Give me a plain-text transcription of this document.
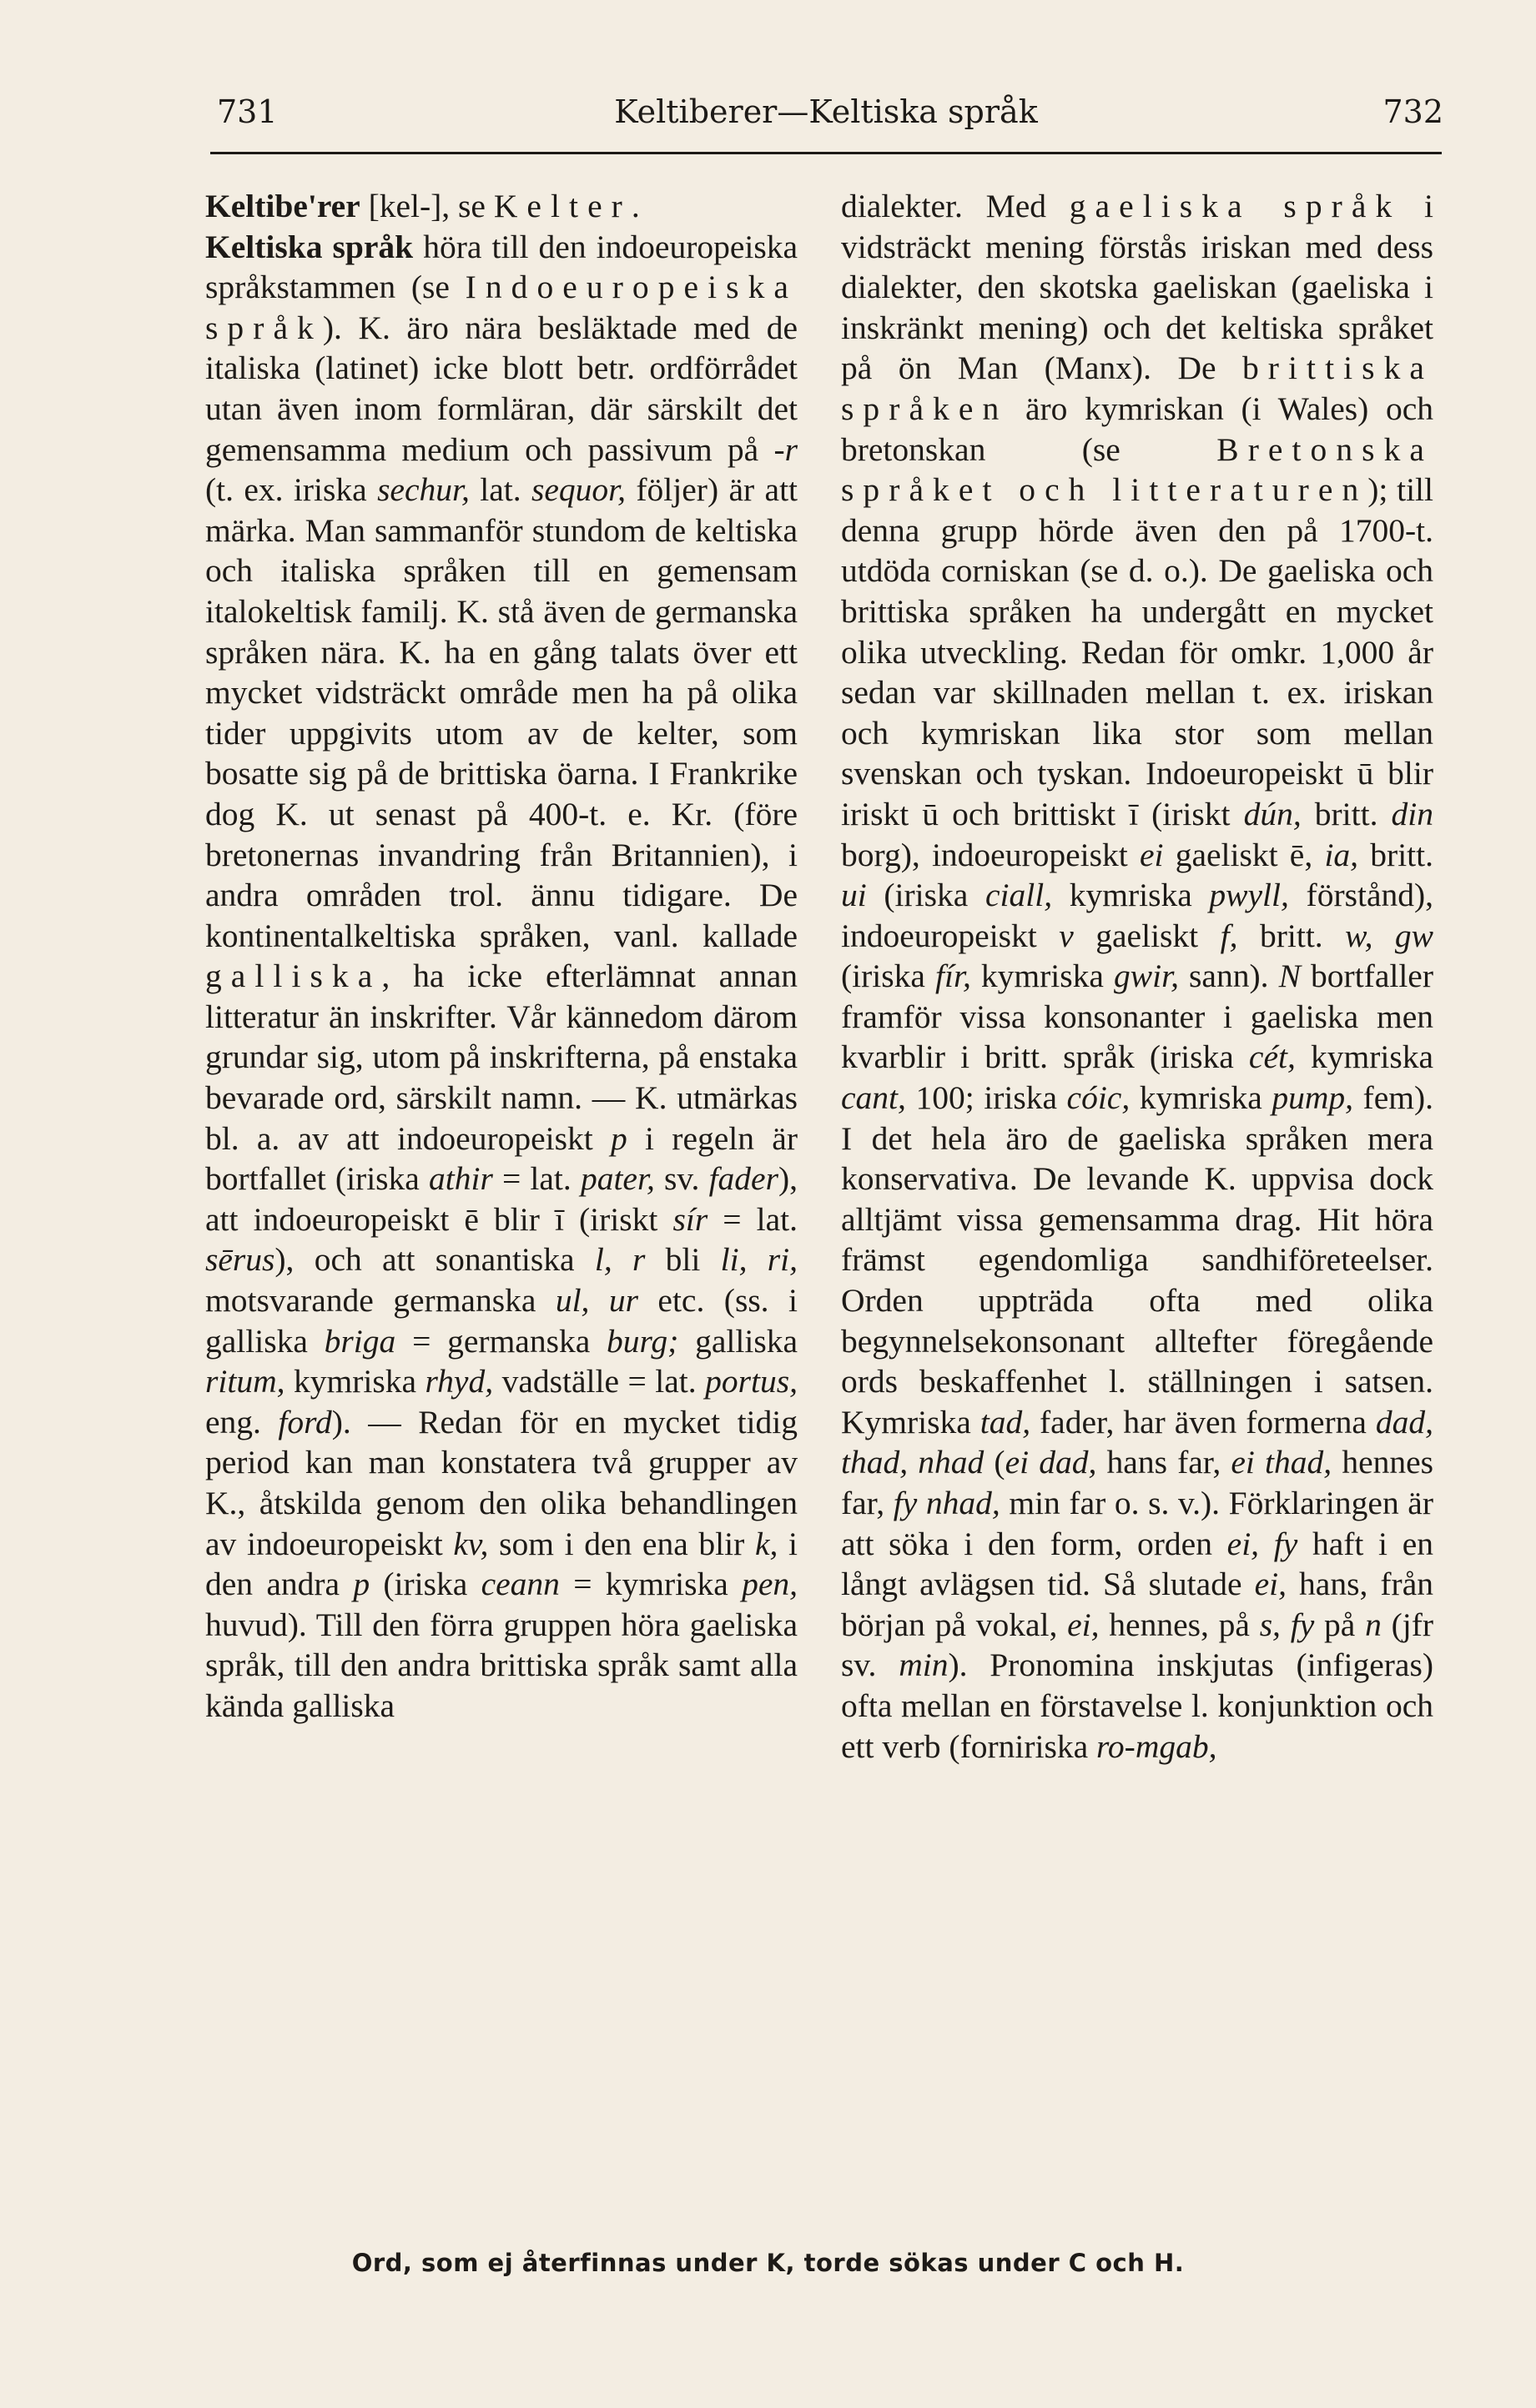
731	Keltiberer—Keltiska språk	732

Keltibe'rer [kel-], se Kelter.

Keltiska språk höra till den indoeuropeiska språkstammen (se Indoeuropeiska språk). K. äro nära besläktade med de italiska (latinet) icke blott betr. ordförrådet utan även inom formläran, där särskilt det gemensamma medium och passivum på -r (t. ex. iriska sechur, lat. sequor, följer) är att märka. Man sammanför stundom de keltiska och italiska språken till en gemensam italokeltisk familj. K. stå även de germanska språken nära. K. ha en gång talats över ett mycket vidsträckt område men ha på olika tider uppgivits utom av de kelter, som bosatte sig på de brittiska öarna. I Frankrike dog K. ut senast på 400-t. e. Kr. (före bretonernas invandring från Britannien), i andra områden trol. ännu tidigare. De kontinentalkeltiska språken, vanl. kallade galliska, ha icke efterlämnat annan litteratur än inskrifter. Vår kännedom därom grundar sig, utom på inskrifterna, på enstaka bevarade ord, särskilt namn. — K. utmärkas bl. a. av att indoeuropeiskt p i regeln är bortfallet (iriska athir = lat. pater, sv. fader), att indoeuropeiskt ē blir ī (iriskt sír = lat. sērus), och att sonantiska l, r bli li, ri, motsvarande germanska ul, ur etc. (ss. i galliska briga = germanska burg; galliska ritum, kymriska rhyd, vadställe = lat. portus, eng. ford). — Redan för en mycket tidig period kan man konstatera två grupper av K., åtskilda genom den olika behandlingen av indoeuropeiskt kv, som i den ena blir k, i den andra p (iriska ceann = kymriska pen, huvud). Till den förra gruppen höra gaeliska språk, till den andra brittiska språk samt alla kända galliska

dialekter. Med gaeliska språk i vidsträckt mening förstås iriskan med dess dialekter, den skotska gaeliskan (gaeliska i inskränkt mening) och det keltiska språket på ön Man (Manx). De brittiska språken äro kymriskan (i Wales) och bretonskan (se Bretonska språket och litteraturen); till denna grupp hörde även den på 1700-t. utdöda corniskan (se d. o.). De gaeliska och brittiska språken ha undergått en mycket olika utveckling. Redan för omkr. 1,000 år sedan var skillnaden mellan t. ex. iriskan och kymriskan lika stor som mellan svenskan och tyskan. Indoeuropeiskt ū blir iriskt ū och brittiskt ī (iriskt dún, britt. din borg), indoeuropeiskt ei gaeliskt ē, ia, britt. ui (iriska ciall, kymriska pwyll, förstånd), indoeuropeiskt v gaeliskt f, britt. w, gw (iriska fír, kymriska gwir, sann). N bortfaller framför vissa konsonanter i gaeliska men kvarblir i britt. språk (iriska cét, kymriska cant, 100; iriska cóic, kymriska pump, fem). I det hela äro de gaeliska språken mera konservativa. De levande K. uppvisa dock alltjämt vissa gemensamma drag. Hit höra främst egendomliga sandhiföreteelser. Orden uppträda ofta med olika begynnelsekonsonant alltefter föregående ords beskaffenhet l. ställningen i satsen. Kymriska tad, fader, har även formerna dad, thad, nhad (ei dad, hans far, ei thad, hennes far, fy nhad, min far o. s. v.). Förklaringen är att söka i den form, orden ei, fy haft i en långt avlägsen tid. Så slutade ei, hans, från början på vokal, ei, hennes, på s, fy på n (jfr sv. min). Pronomina inskjutas (infigeras) ofta mellan en förstavelse l. konjunktion och ett verb (forniriska ro-mgab,

Ord, som ej återfinnas under K, torde sökas under C och H.
